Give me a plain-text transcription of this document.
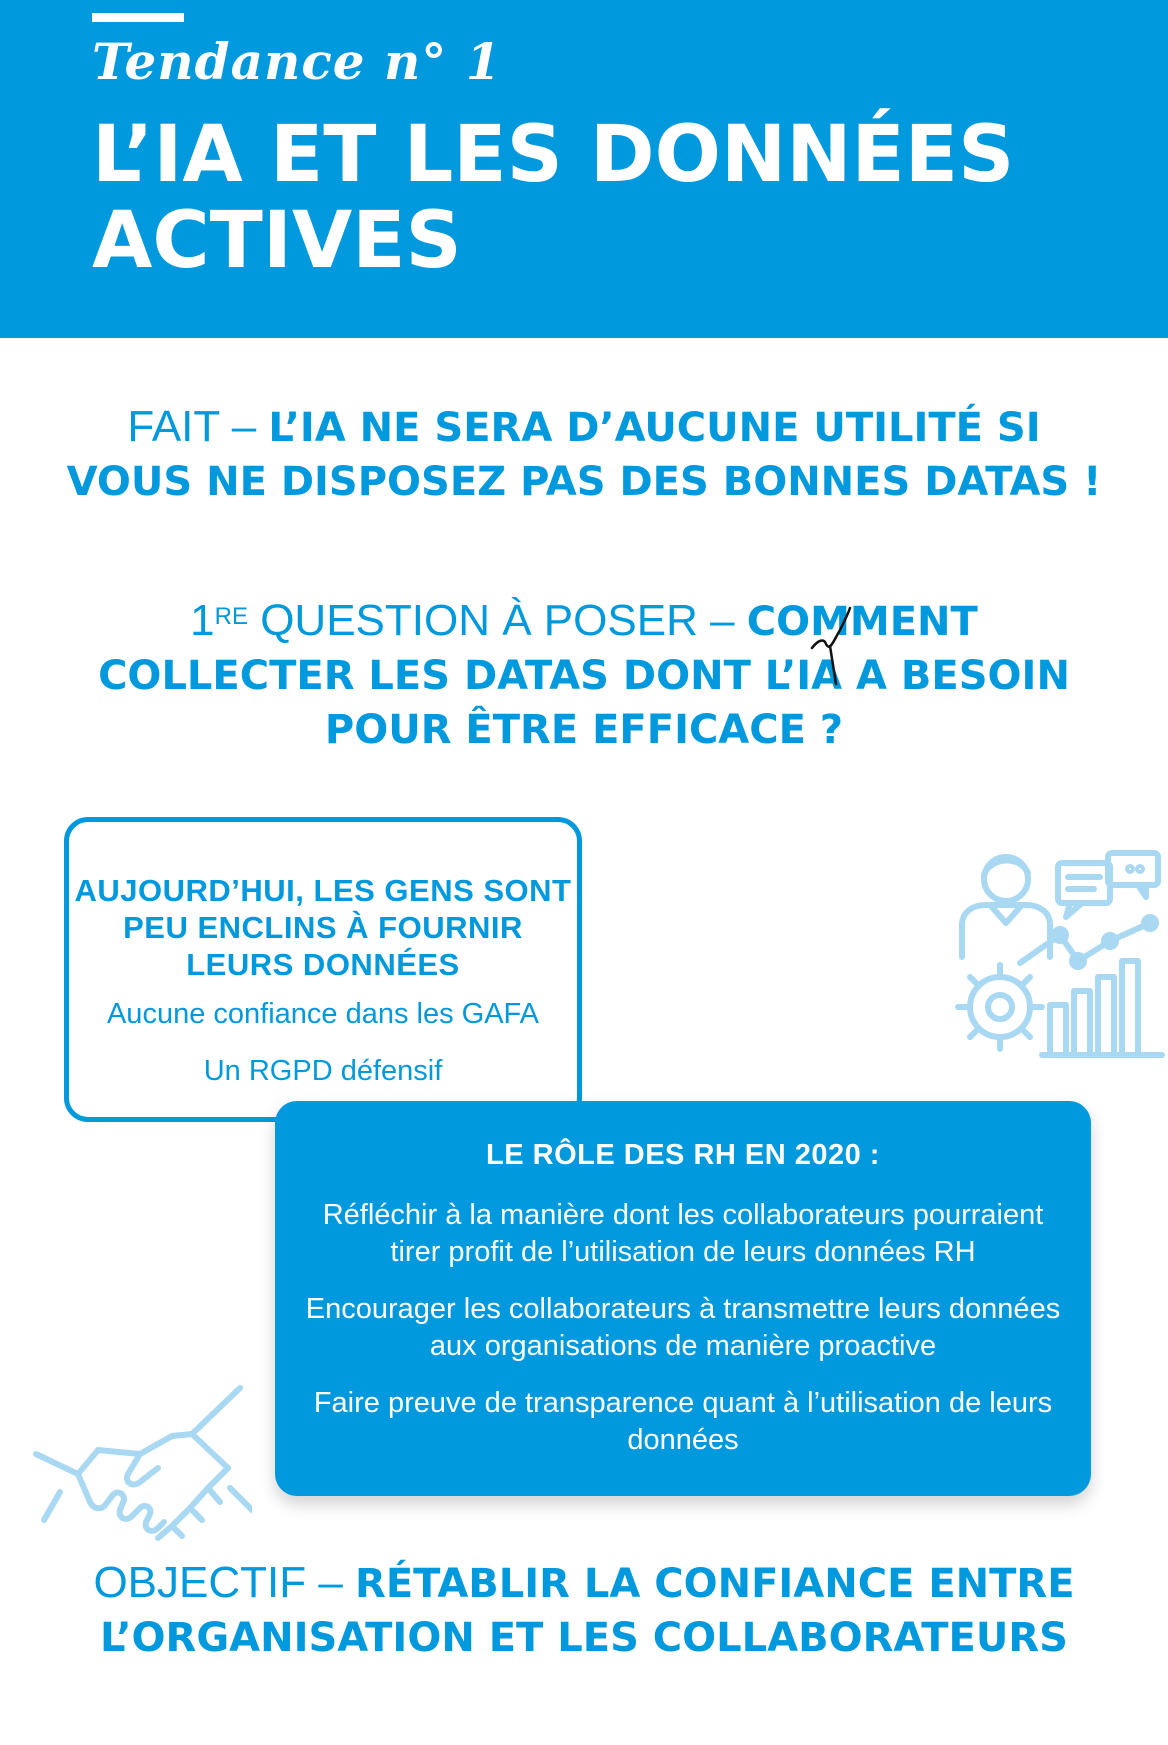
Tendance n° 1
L’IA ET LES DONNÉES ACTIVES
FAIT – L’IA NE SERA D’AUCUNE UTILITÉ SI VOUS NE DISPOSEZ PAS DES BONNES DATAS !
1RE QUESTION À POSER – COMMENT COLLECTER LES DATAS DONT L’IA A BESOIN POUR ÊTRE EFFICACE ?
AUJOURD’HUI, LES GENS SONT PEU ENCLINS À FOURNIR LEURS DONNÉES
Aucune confiance dans les GAFA
Un RGPD défensif
LE RÔLE DES RH EN 2020 :
Réfléchir à la manière dont les collaborateurs pourraient tirer profit de l’utilisation de leurs données RH
Encourager les collaborateurs à transmettre leurs données aux organisations de manière proactive
Faire preuve de transparence quant à l’utilisation de leurs données
OBJECTIF – RÉTABLIR LA CONFIANCE ENTRE L’ORGANISATION ET LES COLLABORATEURS
